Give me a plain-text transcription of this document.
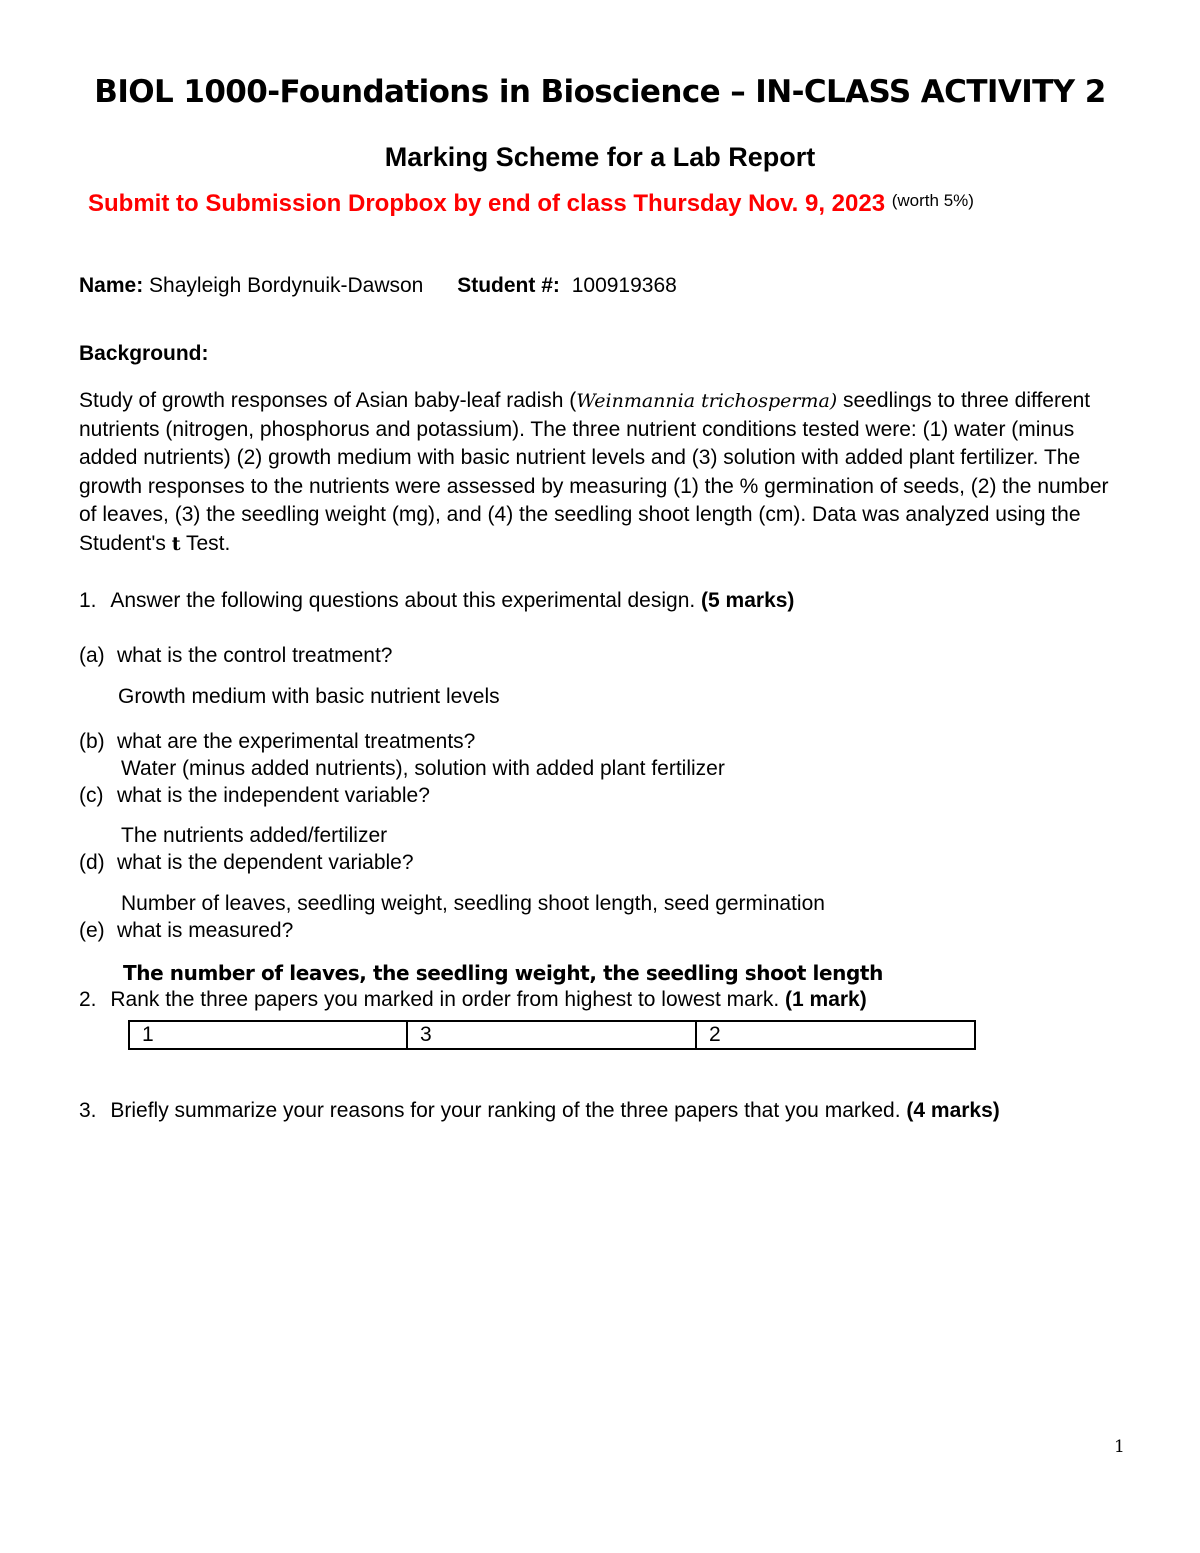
BIOL 1000-Foundations in Bioscience – IN-CLASS ACTIVITY 2
Marking Scheme for a Lab Report
Submit to Submission Dropbox by end of class Thursday Nov. 9, 2023 $^{(worth 5\%)}$
Name: Shayleigh Bordynuik-Dawson Student #: 100919368
Background:
Study of growth responses of Asian baby-leaf radish (Weinmannia trichosperma) seedlings to three different nutrients (nitrogen, phosphorus and potassium). The three nutrient conditions tested were: (1) water (minus added nutrients) (2) growth medium with basic nutrient levels and (3) solution with added plant fertilizer. The growth responses to the nutrients were assessed by measuring (1) the % germination of seeds, (2) the number of leaves, (3) the seedling weight (mg), and (4) the seedling shoot length (cm). Data was analyzed using the Student's t Test.
1. Answer the following questions about this experimental design. (5 marks)
(a) what is the control treatment?
Growth medium with basic nutrient levels
(b) what are the experimental treatments?
Water (minus added nutrients), solution with added plant fertilizer
(c) what is the independent variable?
The nutrients added/fertilizer
(d) what is the dependent variable?
Number of leaves, seedling weight, seedling shoot length, seed germination
(e) what is measured?
The number of leaves, the seedling weight, the seedling shoot length
2. Rank the three papers you marked in order from highest to lowest mark. (1 mark)
1	3	2
3. Briefly summarize your reasons for your ranking of the three papers that you marked. (4 marks)
1
